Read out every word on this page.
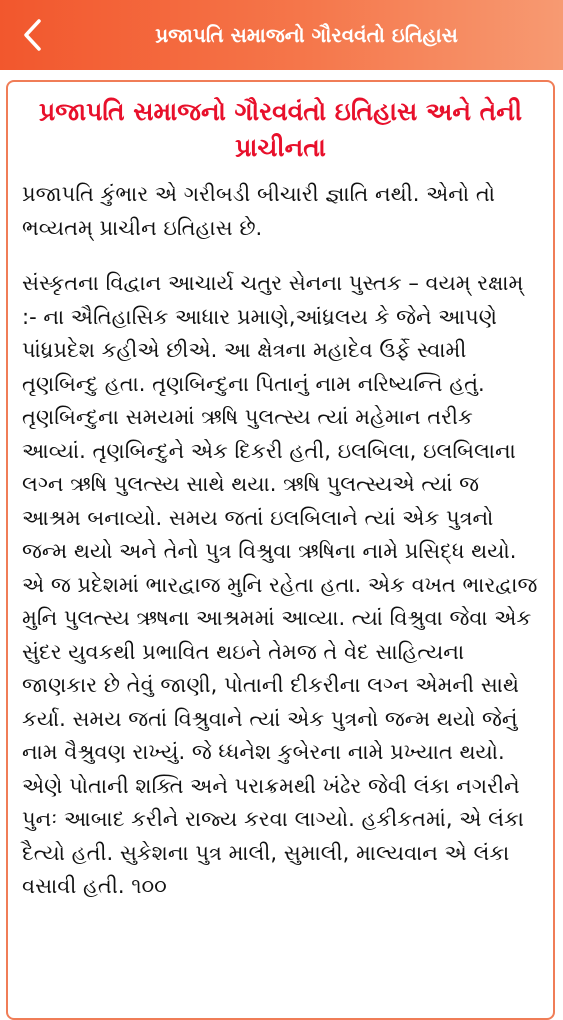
પ્રજાપતિ સમાજનો ગૌરવવંતો ઇતિહાસ
પ્રજાપતિ સમાજનો ગૌરવવંતો ઇતિહાસ અને તેની પ્રાચીનતા

પ્રજાપતિ કુંભાર એ ગરીબડી બીચારી જ્ઞાતિ નથી. એનો તો ભવ્યતમ્ પ્રાચીન ઇતિહાસ છે.

સંસ્કૃતના વિદ્વાન આચાર્ય ચતુર સેનના પુસ્તક – વયમ્ રક્ષામ્ :- ના ઐતિહાસિક આધાર પ્રમાણે,આંધ્રલય કે જેને આપણે પાંધ્રપ્રદેશ કહીએ છીએ. આ ક્ષેત્રના મહાદેવ ઉર્ફે સ્વામી તૃણબિન્દુ હતા. તૃણબિન્દુના પિતાનું નામ નરિષ્યન્તિ હતું. તૃણબિન્દુના સમયમાં ઋષિ પુલત્સ્ય ત્યાં મહેમાન તરીક આવ્યાં. તૃણબિન્દુને એક દિકરી હતી, ઇલબિલા, ઇલબિલાના લગ્ન ઋષિ પુલત્સ્ય સાથે થયા. ઋષિ પુલત્સ્યએ ત્યાં જ આશ્રમ બનાવ્યો. સમય જતાં ઇલબિલાને ત્યાં એક પુત્રનો જન્મ થયો અને તેનો પુત્ર વિશ્રુવા ઋષિના નામે પ્રસિદ્ધ થયો. એ જ પ્રદેશમાં ભારદ્વાજ મુનિ રહેતા હતા. એક વખત ભારદ્વાજ મુનિ પુલત્સ્ય ઋષના આશ્રમમાં આવ્યા. ત્યાં વિશ્રુવા જેવા એક સુંદર યુવકથી પ્રભાવિત થઇને તેમજ તે વેદ સાહિત્યના જાણકાર છે તેવું જાણી, પોતાની દીકરીના લગ્ન એમની સાથે કર્યા. સમય જતાં વિશ્રુવાને ત્યાં એક પુત્રનો જન્મ થયો જેનું નામ વૈશ્રુવણ રાખ્યું. જે ધ્ધનેશ કુબેરના નામે પ્રખ્યાત થયો. એણે પોતાની શક્તિ અને પરાક્રમથી ખંઢેર જેવી લંકા નગરીને પુનઃ આબાદ કરીને રાજ્ય કરવા લાગ્યો. હકીકતમાં, એ લંકા દૈત્યો હતી. સુકેશના પુત્ર માલી, સુમાલી, માલ્યવાન એ લંકા વસાવી હતી. ૧૦૦
